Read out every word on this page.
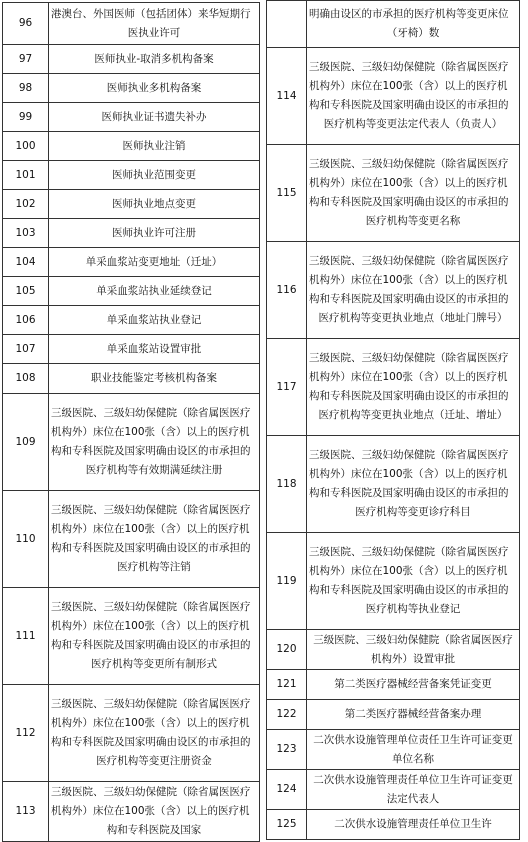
96	港澳台、外国医师（包括团体）来华短期行医执业许可
97	医师执业-取消多机构备案
98	医师执业多机构备案
99	医师执业证书遗失补办
100	医师执业注销
101	医师执业范围变更
102	医师执业地点变更
103	医师执业许可注册
104	单采血浆站变更地址（迁址）
105	单采血浆站执业延续登记
106	单采血浆站执业登记
107	单采血浆站设置审批
108	职业技能鉴定考核机构备案
109	三级医院、三级妇幼保健院（除省属医医疗机构外）床位在100张（含）以上的医疗机构和专科医院及国家明确由设区的市承担的医疗机构等有效期满延续注册
110	三级医院、三级妇幼保健院（除省属医医疗机构外）床位在100张（含）以上的医疗机构和专科医院及国家明确由设区的市承担的医疗机构等注销
111	三级医院、三级妇幼保健院（除省属医医疗机构外）床位在100张（含）以上的医疗机构和专科医院及国家明确由设区的市承担的医疗机构等变更所有制形式
112	三级医院、三级妇幼保健院（除省属医医疗机构外）床位在100张（含）以上的医疗机构和专科医院及国家明确由设区的市承担的医疗机构等变更注册资金
113	三级医院、三级妇幼保健院（除省属医医疗机构外）床位在100张（含）以上的医疗机构和专科医院及国家
	明确由设区的市承担的医疗机构等变更床位（牙椅）数
114	三级医院、三级妇幼保健院（除省属医医疗机构外）床位在100张（含）以上的医疗机构和专科医院及国家明确由设区的市承担的医疗机构等变更法定代表人（负责人）
115	三级医院、三级妇幼保健院（除省属医医疗机构外）床位在100张（含）以上的医疗机构和专科医院及国家明确由设区的市承担的医疗机构等变更名称
116	三级医院、三级妇幼保健院（除省属医医疗机构外）床位在100张（含）以上的医疗机构和专科医院及国家明确由设区的市承担的医疗机构等变更执业地点（地址门牌号）
117	三级医院、三级妇幼保健院（除省属医医疗机构外）床位在100张（含）以上的医疗机构和专科医院及国家明确由设区的市承担的医疗机构等变更执业地点（迁址、增址）
118	三级医院、三级妇幼保健院（除省属医医疗机构外）床位在100张（含）以上的医疗机构和专科医院及国家明确由设区的市承担的医疗机构等变更诊疗科目
119	三级医院、三级妇幼保健院（除省属医医疗机构外）床位在100张（含）以上的医疗机构和专科医院及国家明确由设区的市承担的医疗机构等执业登记
120	三级医院、三级妇幼保健院（除省属医医疗机构外）设置审批
121	第二类医疗器械经营备案凭证变更
122	第二类医疗器械经营备案办理
123	二次供水设施管理单位责任卫生许可证变更单位名称
124	二次供水设施管理责任单位卫生许可证变更法定代表人
125	二次供水设施管理责任单位卫生许
